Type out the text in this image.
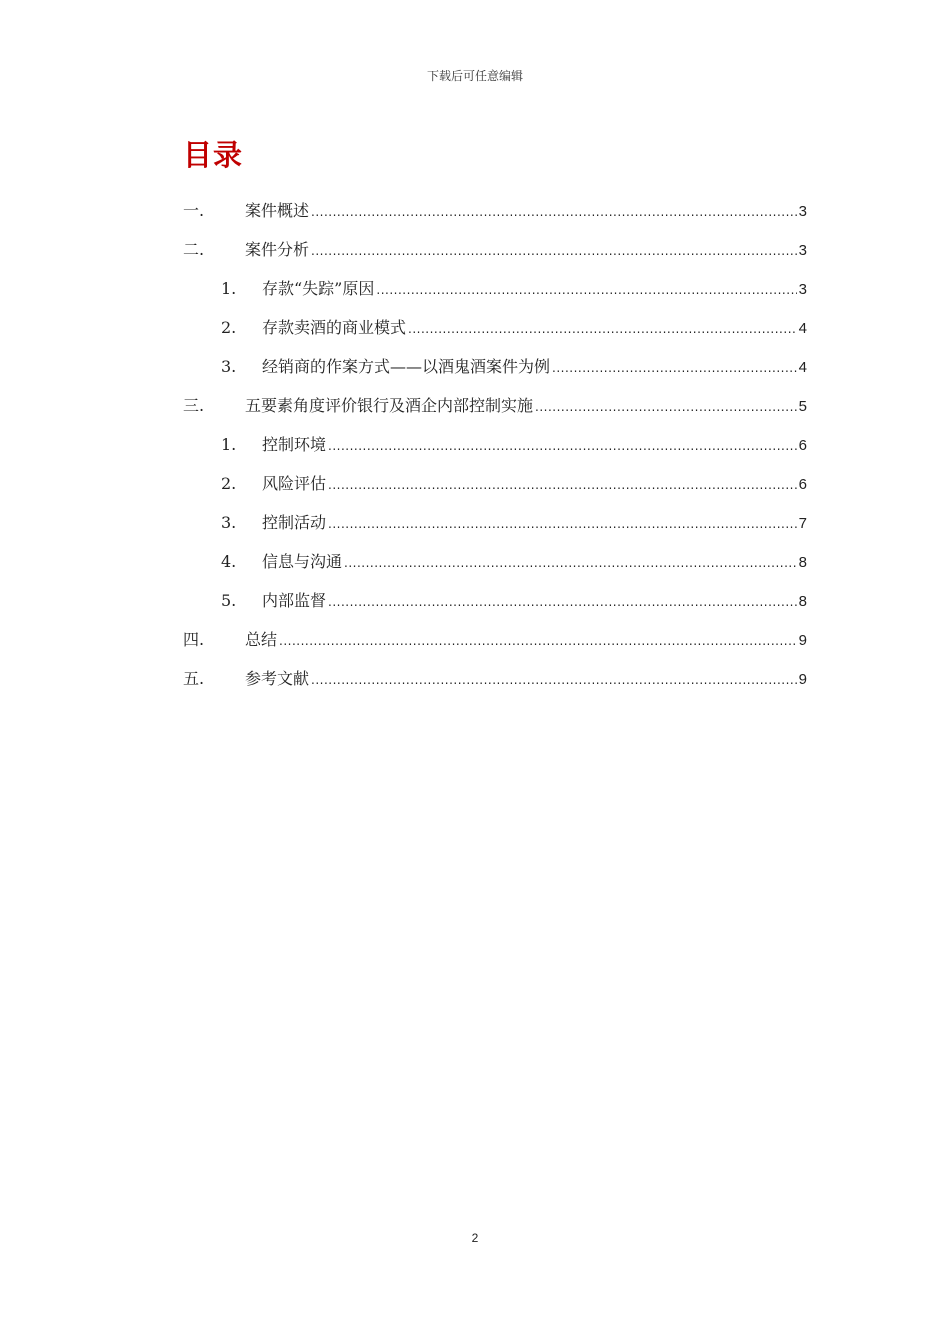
下载后可任意编辑
目录
一.	案件概述 .....	3
二.	案件分析 .....	3
1.	存款“失踪”原因 .....	3
2.	存款卖酒的商业模式 .....	4
3.	经销商的作案方式——以酒鬼酒案件为例 .....	4
三.	五要素角度评价银行及酒企内部控制实施 .....	5
1.	控制环境 .....	6
2.	风险评估 .....	6
3.	控制活动 .....	7
4.	信息与沟通 .....	8
5.	内部监督 .....	8
四.	总结 .....	9
五.	参考文献 .....	9
2
